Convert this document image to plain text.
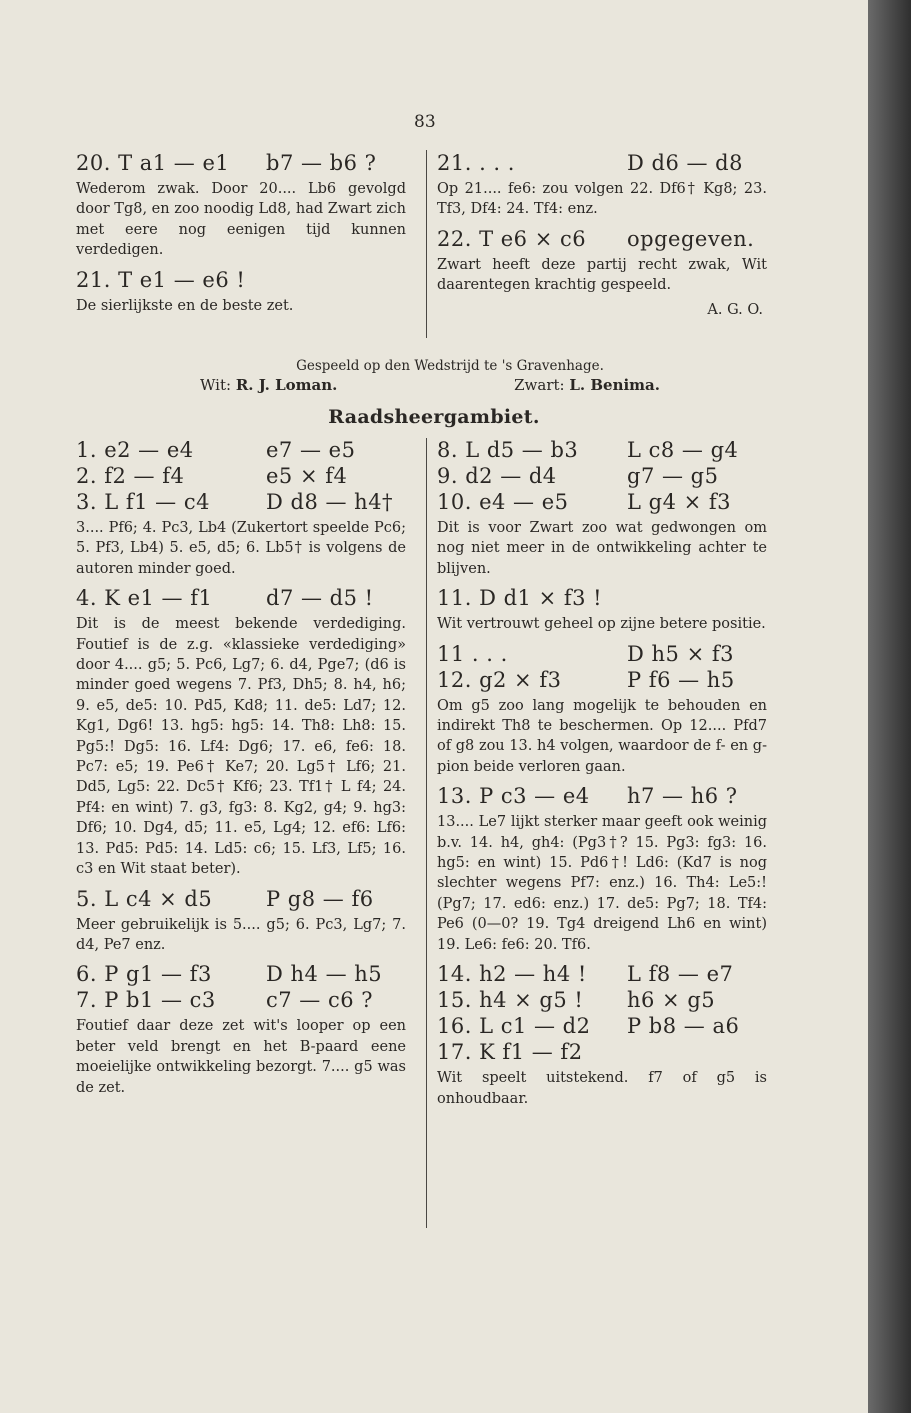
83
20. T a1 — e1	b7 — b6 ?
Wederom zwak. Door 20.... Lb6 gevolgd door Tg8, en zoo noodig Ld8, had Zwart zich met eere nog eenigen tijd kunnen verdedigen.
21. T e1 — e6 !
De sierlijkste en de beste zet.
21. . . .	D d6 — d8
Op 21.... fe6: zou volgen 22. Df6† Kg8; 23. Tf3, Df4: 24. Tf4: enz.
22. T e6 × c6	opgegeven.
Zwart heeft deze partij recht zwak, Wit daarentegen krachtig gespeeld.
A. G. O.
Gespeeld op den Wedstrijd te 's Gravenhage.
Wit: R. J. Loman.	Zwart: L. Benima.
Raadsheergambiet.
1. e2 — e4	e7 — e5
2. f2 — f4	e5 × f4
3. L f1 — c4	D d8 — h4†
3.... Pf6; 4. Pc3, Lb4 (Zukertort speelde Pc6; 5. Pf3, Lb4) 5. e5, d5; 6. Lb5† is volgens de autoren minder goed.
4. K e1 — f1	d7 — d5 !
Dit is de meest bekende verdediging. Foutief is de z.g. «klassieke verdediging» door 4.... g5; 5. Pc6, Lg7; 6. d4, Pge7; (d6 is minder goed wegens 7. Pf3, Dh5; 8. h4, h6; 9. e5, de5: 10. Pd5, Kd8; 11. de5: Ld7; 12. Kg1, Dg6! 13. hg5: hg5: 14. Th8: Lh8: 15. Pg5:! Dg5: 16. Lf4: Dg6; 17. e6, fe6: 18. Pc7: e5; 19. Pe6† Ke7; 20. Lg5† Lf6; 21. Dd5, Lg5: 22. Dc5† Kf6; 23. Tf1† L f4; 24. Pf4: en wint) 7. g3, fg3: 8. Kg2, g4; 9. hg3: Df6; 10. Dg4, d5; 11. e5, Lg4; 12. ef6: Lf6: 13. Pd5: Pd5: 14. Ld5: c6; 15. Lf3, Lf5; 16. c3 en Wit staat beter).
5. L c4 × d5	P g8 — f6
Meer gebruikelijk is 5.... g5; 6. Pc3, Lg7; 7. d4, Pe7 enz.
6. P g1 — f3	D h4 — h5
7. P b1 — c3	c7 — c6 ?
Foutief daar deze zet wit's looper op een beter veld brengt en het B-paard eene moeielijke ontwikkeling bezorgt. 7.... g5 was de zet.
8. L d5 — b3	L c8 — g4
9. d2 — d4	g7 — g5
10. e4 — e5	L g4 × f3
Dit is voor Zwart zoo wat gedwongen om nog niet meer in de ontwikkeling achter te blijven.
11. D d1 × f3 !
Wit vertrouwt geheel op zijne betere positie.
11 . . .	D h5 × f3
12. g2 × f3	P f6 — h5
Om g5 zoo lang mogelijk te behouden en indirekt Th8 te beschermen. Op 12.... Pfd7 of g8 zou 13. h4 volgen, waardoor de f- en g-pion beide verloren gaan.
13. P c3 — e4	h7 — h6 ?
13.... Le7 lijkt sterker maar geeft ook weinig b.v. 14. h4, gh4: (Pg3†? 15. Pg3: fg3: 16. hg5: en wint) 15. Pd6†! Ld6: (Kd7 is nog slechter wegens Pf7: enz.) 16. Th4: Le5:! (Pg7; 17. ed6: enz.) 17. de5: Pg7; 18. Tf4: Pe6 (0—0? 19. Tg4 dreigend Lh6 en wint) 19. Le6: fe6: 20. Tf6.
14. h2 — h4 !	L f8 — e7
15. h4 × g5 !	h6 × g5
16. L c1 — d2	P b8 — a6
17. K f1 — f2
Wit speelt uitstekend. f7 of g5 is onhoudbaar.
